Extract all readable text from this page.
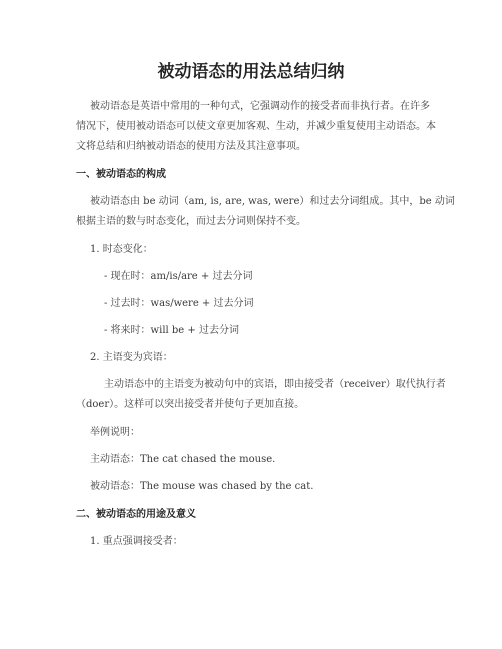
被动语态的用法总结归纳
被动语态是英语中常用的一种句式，它强调动作的接受者而非执行者。在许多
情况下，使用被动语态可以使文章更加客观、生动，并减少重复使用主动语态。本
文将总结和归纳被动语态的使用方法及其注意事项。
一、被动语态的构成
被动语态由 be 动词（am, is, are, was, were）和过去分词组成。其中，be 动词
根据主语的数与时态变化，而过去分词则保持不变。
1. 时态变化：
- 现在时：am/is/are + 过去分词
- 过去时：was/were + 过去分词
- 将来时：will be + 过去分词
2. 主语变为宾语：
主动语态中的主语变为被动句中的宾语，即由接受者（receiver）取代执行者
（doer）。这样可以突出接受者并使句子更加直接。
举例说明：
主动语态：The cat chased the mouse.
被动语态：The mouse was chased by the cat.
二、被动语态的用途及意义
1. 重点强调接受者：
